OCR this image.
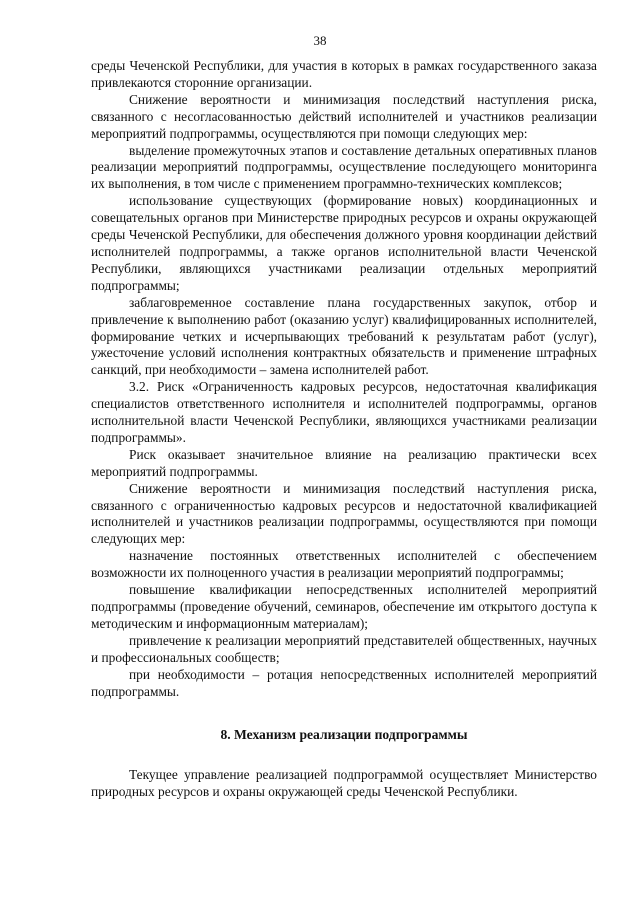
38

среды Чеченской Республики, для участия в которых в рамках государственного заказа привлекаются сторонние организации.

Снижение вероятности и минимизация последствий наступления риска, связанного с несогласованностью действий исполнителей и участников реализации мероприятий подпрограммы, осуществляются при помощи следующих мер:

выделение промежуточных этапов и составление детальных оперативных планов реализации мероприятий подпрограммы, осуществление последующего мониторинга их выполнения, в том числе с применением программно-технических комплексов;

использование существующих (формирование новых) координационных и совещательных органов при Министерстве природных ресурсов и охраны окружающей среды Чеченской Республики, для обеспечения должного уровня координации действий исполнителей подпрограммы, а также органов исполнительной власти Чеченской Республики, являющихся участниками реализации отдельных мероприятий подпрограммы;

заблаговременное составление плана государственных закупок, отбор и привлечение к выполнению работ (оказанию услуг) квалифицированных исполнителей, формирование четких и исчерпывающих требований к результатам работ (услуг), ужесточение условий исполнения контрактных обязательств и применение штрафных санкций, при необходимости – замена исполнителей работ.

3.2. Риск «Ограниченность кадровых ресурсов, недостаточная квалификация специалистов ответственного исполнителя и исполнителей подпрограммы, органов исполнительной власти Чеченской Республики, являющихся участниками реализации подпрограммы».

Риск оказывает значительное влияние на реализацию практически всех мероприятий подпрограммы.

Снижение вероятности и минимизация последствий наступления риска, связанного с ограниченностью кадровых ресурсов и недостаточной квалификацией исполнителей и участников реализации подпрограммы, осуществляются при помощи следующих мер:

назначение постоянных ответственных исполнителей с обеспечением возможности их полноценного участия в реализации мероприятий подпрограммы;

повышение квалификации непосредственных исполнителей мероприятий подпрограммы (проведение обучений, семинаров, обеспечение им открытого доступа к методическим и информационным материалам);

привлечение к реализации мероприятий представителей общественных, научных и профессиональных сообществ;

при необходимости – ротация непосредственных исполнителей мероприятий подпрограммы.

8. Механизм реализации подпрограммы

Текущее управление реализацией подпрограммой осуществляет Министерство природных ресурсов и охраны окружающей среды Чеченской Республики.
